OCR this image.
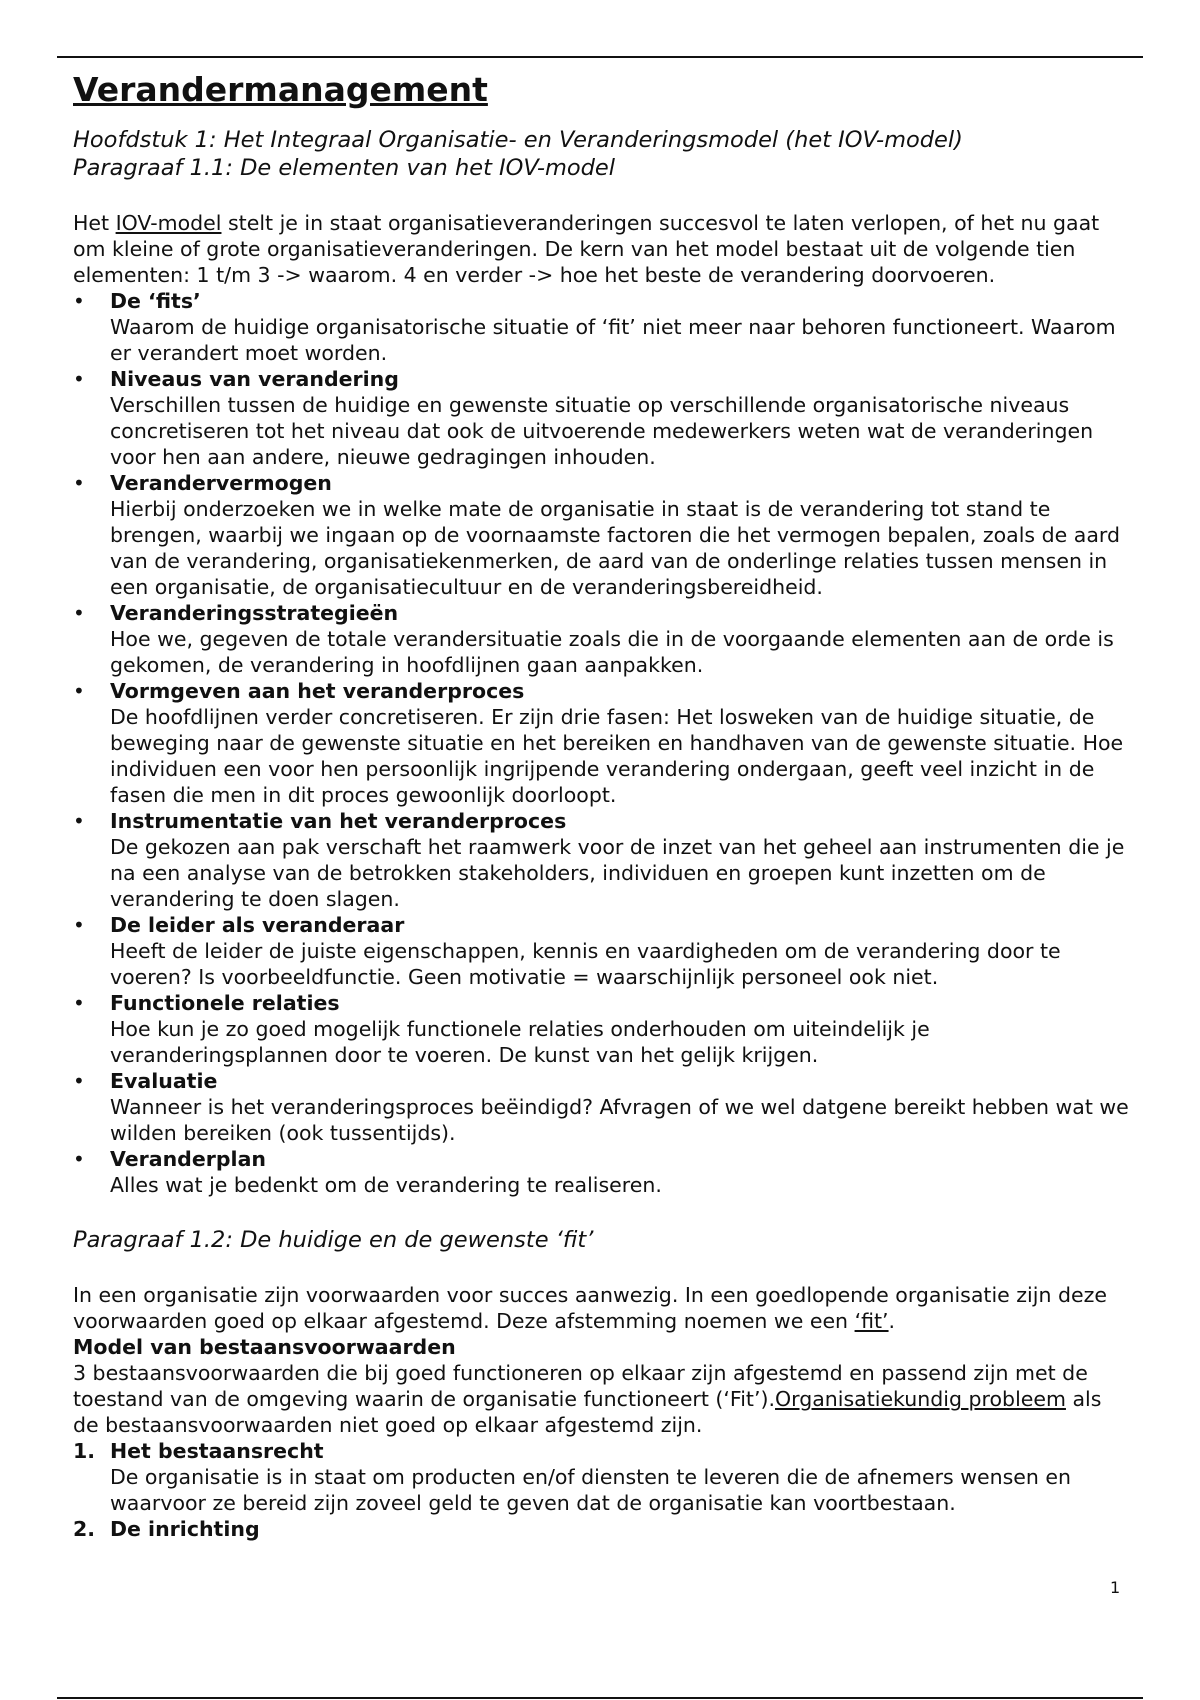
Verandermanagement

Hoofdstuk 1: Het Integraal Organisatie- en Veranderingsmodel (het IOV-model)

Paragraaf 1.1: De elementen van het IOV-model

Het IOV-model stelt je in staat organisatieveranderingen succesvol te laten verlopen, of het nu gaat om kleine of grote organisatieveranderingen. De kern van het model bestaat uit de volgende tien elementen: 1 t/m 3 -> waarom. 4 en verder -> hoe het beste de verandering doorvoeren.

• De ‘fits’
Waarom de huidige organisatorische situatie of ‘fit’ niet meer naar behoren functioneert. Waarom er verandert moet worden.
• Niveaus van verandering
Verschillen tussen de huidige en gewenste situatie op verschillende organisatorische niveaus concretiseren tot het niveau dat ook de uitvoerende medewerkers weten wat de veranderingen voor hen aan andere, nieuwe gedragingen inhouden.
• Verandervermogen
Hierbij onderzoeken we in welke mate de organisatie in staat is de verandering tot stand te brengen, waarbij we ingaan op de voornaamste factoren die het vermogen bepalen, zoals de aard van de verandering, organisatiekenmerken, de aard van de onderlinge relaties tussen mensen in een organisatie, de organisatiecultuur en de veranderingsbereidheid.
• Veranderingsstrategieën
Hoe we, gegeven de totale verandersituatie zoals die in de voorgaande elementen aan de orde is gekomen, de verandering in hoofdlijnen gaan aanpakken.
• Vormgeven aan het veranderproces
De hoofdlijnen verder concretiseren. Er zijn drie fasen: Het losweken van de huidige situatie, de beweging naar de gewenste situatie en het bereiken en handhaven van de gewenste situatie. Hoe individuen een voor hen persoonlijk ingrijpende verandering ondergaan, geeft veel inzicht in de fasen die men in dit proces gewoonlijk doorloopt.
• Instrumentatie van het veranderproces
De gekozen aan pak verschaft het raamwerk voor de inzet van het geheel aan instrumenten die je na een analyse van de betrokken stakeholders, individuen en groepen kunt inzetten om de verandering te doen slagen.
• De leider als veranderaar
Heeft de leider de juiste eigenschappen, kennis en vaardigheden om de verandering door te voeren? Is voorbeeldfunctie. Geen motivatie = waarschijnlijk personeel ook niet.
• Functionele relaties
Hoe kun je zo goed mogelijk functionele relaties onderhouden om uiteindelijk je veranderingsplannen door te voeren. De kunst van het gelijk krijgen.
• Evaluatie
Wanneer is het veranderingsproces beëindigd? Afvragen of we wel datgene bereikt hebben wat we wilden bereiken (ook tussentijds).
• Veranderplan
Alles wat je bedenkt om de verandering te realiseren.

Paragraaf 1.2: De huidige en de gewenste ‘fit’

In een organisatie zijn voorwaarden voor succes aanwezig. In een goedlopende organisatie zijn deze voorwaarden goed op elkaar afgestemd. Deze afstemming noemen we een ‘fit’.

Model van bestaansvoorwaarden

3 bestaansvoorwaarden die bij goed functioneren op elkaar zijn afgestemd en passend zijn met de toestand van de omgeving waarin de organisatie functioneert (‘Fit’).Organisatiekundig probleem als de bestaansvoorwaarden niet goed op elkaar afgestemd zijn.

1. Het bestaansrecht
De organisatie is in staat om producten en/of diensten te leveren die de afnemers wensen en waarvoor ze bereid zijn zoveel geld te geven dat de organisatie kan voortbestaan.
2. De inrichting
1
